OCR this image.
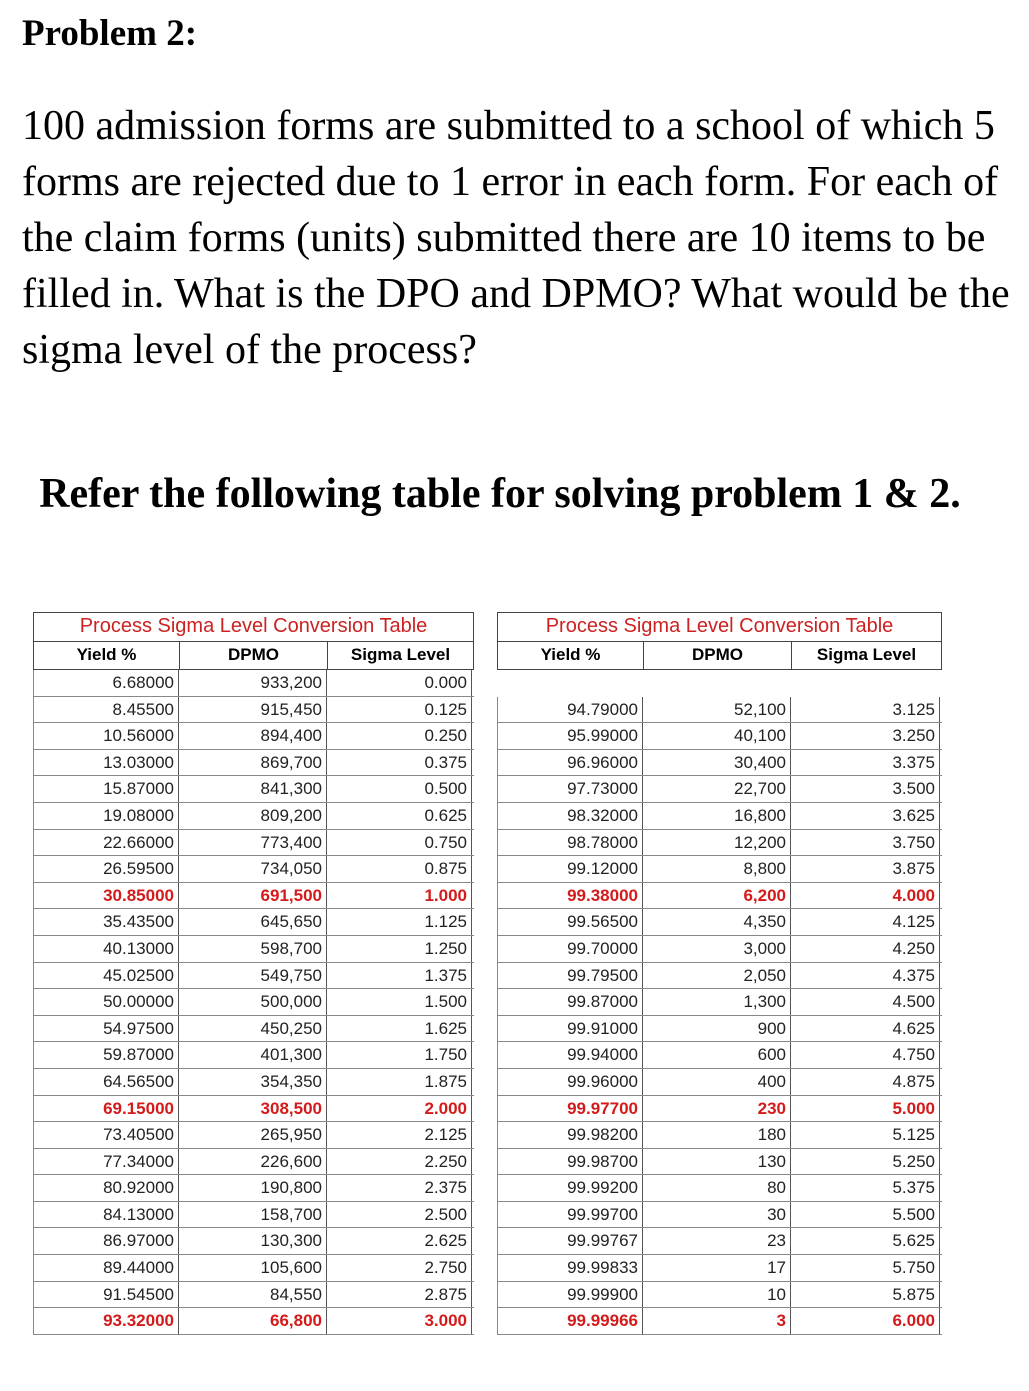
Problem 2:

100 admission forms are submitted to a school of which 5 forms are rejected due to 1 error in each form. For each of the claim forms (units) submitted there are 10 items to be filled in. What is the DPO and DPMO? What would be the sigma level of the process?

Refer the following table for solving problem 1 & 2.

Process Sigma Level Conversion Table
Yield %	DPMO	Sigma Level
6.68000	933,200	0.000
8.45500	915,450	0.125
10.56000	894,400	0.250
13.03000	869,700	0.375
15.87000	841,300	0.500
19.08000	809,200	0.625
22.66000	773,400	0.750
26.59500	734,050	0.875
30.85000	691,500	1.000
35.43500	645,650	1.125
40.13000	598,700	1.250
45.02500	549,750	1.375
50.00000	500,000	1.500
54.97500	450,250	1.625
59.87000	401,300	1.750
64.56500	354,350	1.875
69.15000	308,500	2.000
73.40500	265,950	2.125
77.34000	226,600	2.250
80.92000	190,800	2.375
84.13000	158,700	2.500
86.97000	130,300	2.625
89.44000	105,600	2.750
91.54500	84,550	2.875
93.32000	66,800	3.000
Process Sigma Level Conversion Table
Yield %	DPMO	Sigma Level
94.79000	52,100	3.125
95.99000	40,100	3.250
96.96000	30,400	3.375
97.73000	22,700	3.500
98.32000	16,800	3.625
98.78000	12,200	3.750
99.12000	8,800	3.875
99.38000	6,200	4.000
99.56500	4,350	4.125
99.70000	3,000	4.250
99.79500	2,050	4.375
99.87000	1,300	4.500
99.91000	900	4.625
99.94000	600	4.750
99.96000	400	4.875
99.97700	230	5.000
99.98200	180	5.125
99.98700	130	5.250
99.99200	80	5.375
99.99700	30	5.500
99.99767	23	5.625
99.99833	17	5.750
99.99900	10	5.875
99.99966	3	6.000
